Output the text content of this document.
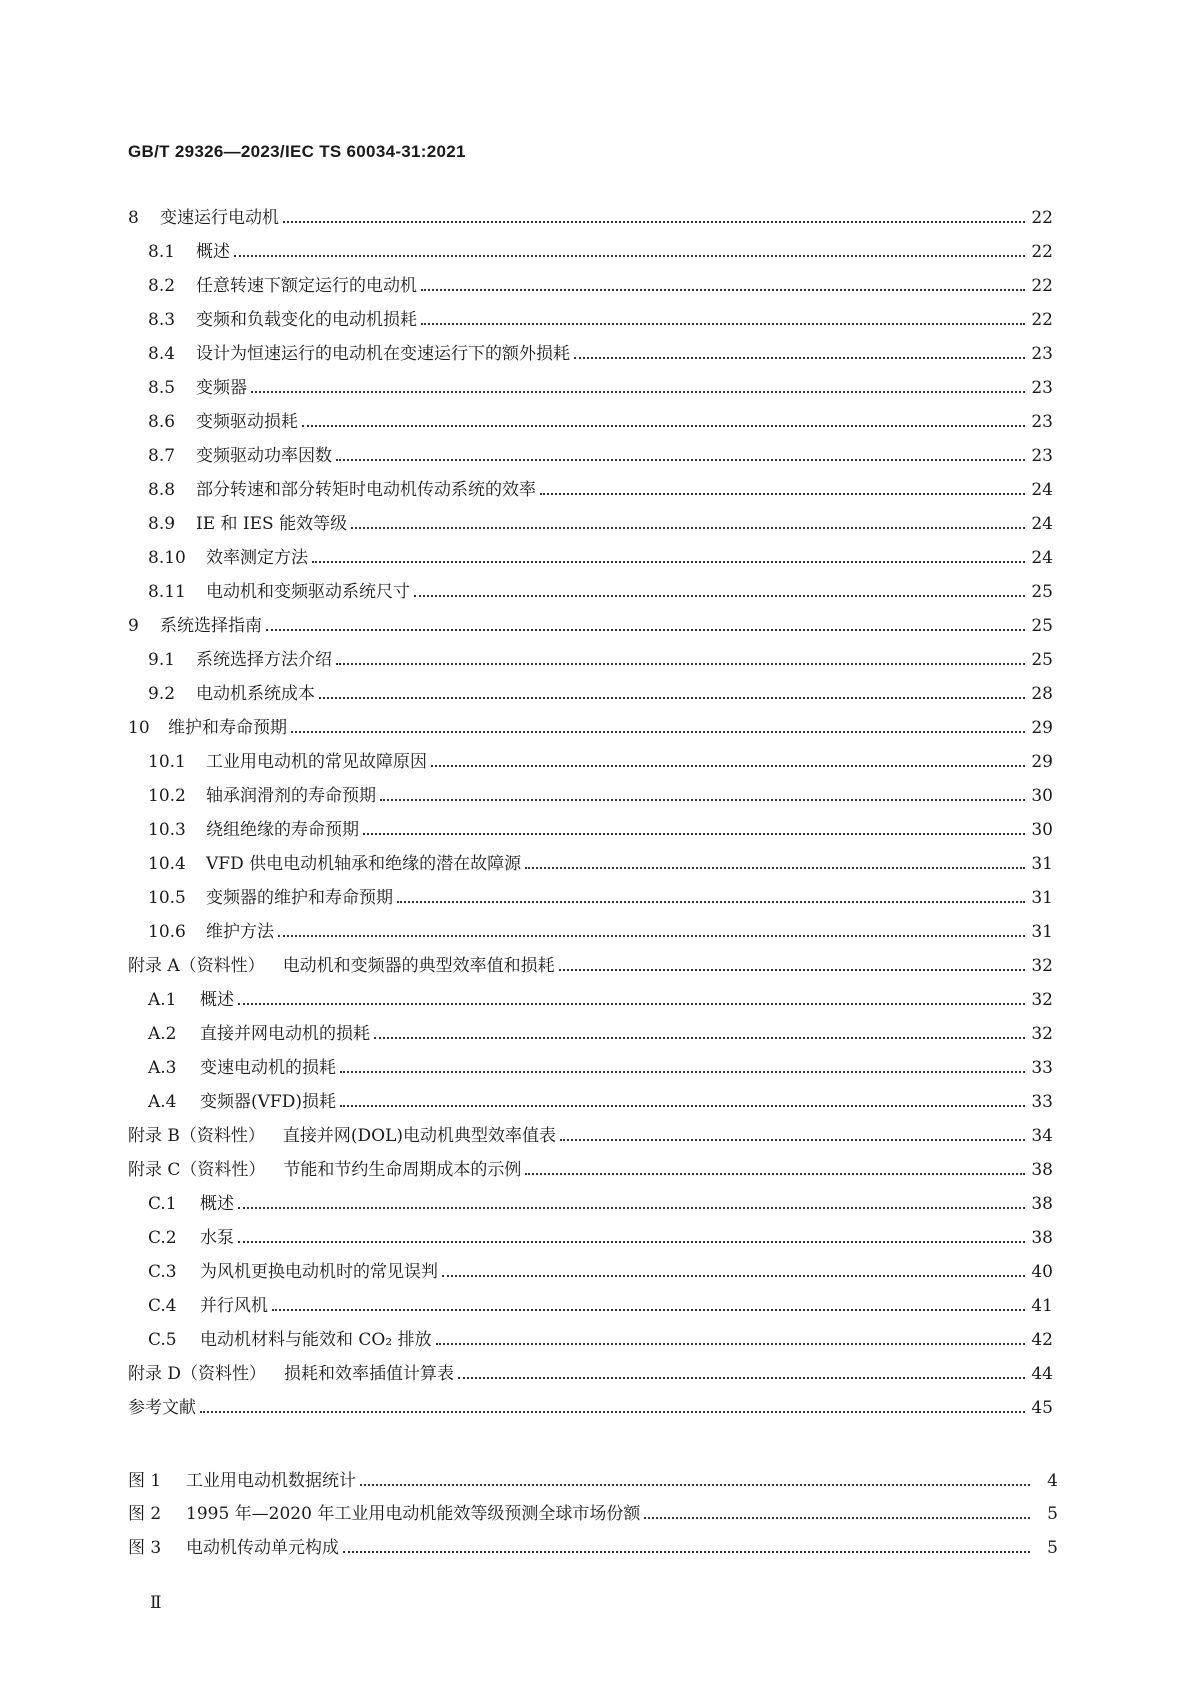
GB/T 29326—2023/IEC TS 60034-31:2021
8	变速运行电动机	22
8.1	概述	22
8.2	任意转速下额定运行的电动机	22
8.3	变频和负载变化的电动机损耗	22
8.4	设计为恒速运行的电动机在变速运行下的额外损耗	23
8.5	变频器	23
8.6	变频驱动损耗	23
8.7	变频驱动功率因数	23
8.8	部分转速和部分转矩时电动机传动系统的效率	24
8.9	IE 和 IES 能效等级	24
8.10	效率测定方法	24
8.11	电动机和变频驱动系统尺寸	25
9	系统选择指南	25
9.1	系统选择方法介绍	25
9.2	电动机系统成本	28
10	维护和寿命预期	29
10.1	工业用电动机的常见故障原因	29
10.2	轴承润滑剂的寿命预期	30
10.3	绕组绝缘的寿命预期	30
10.4	VFD 供电电动机轴承和绝缘的潜在故障源	31
10.5	变频器的维护和寿命预期	31
10.6	维护方法	31
附录 A（资料性） 电动机和变频器的典型效率值和损耗	32
A.1	概述	32
A.2	直接并网电动机的损耗	32
A.3	变速电动机的损耗	33
A.4	变频器(VFD)损耗	33
附录 B（资料性） 直接并网(DOL)电动机典型效率值表	34
附录 C（资料性） 节能和节约生命周期成本的示例	38
C.1	概述	38
C.2	水泵	38
C.3	为风机更换电动机时的常见误判	40
C.4	并行风机	41
C.5	电动机材料与能效和 CO₂ 排放	42
附录 D（资料性） 损耗和效率插值计算表	44
参考文献	45
图 1	工业用电动机数据统计	4
图 2	1995 年—2020 年工业用电动机能效等级预测全球市场份额	5
图 3	电动机传动单元构成	5
Ⅱ
